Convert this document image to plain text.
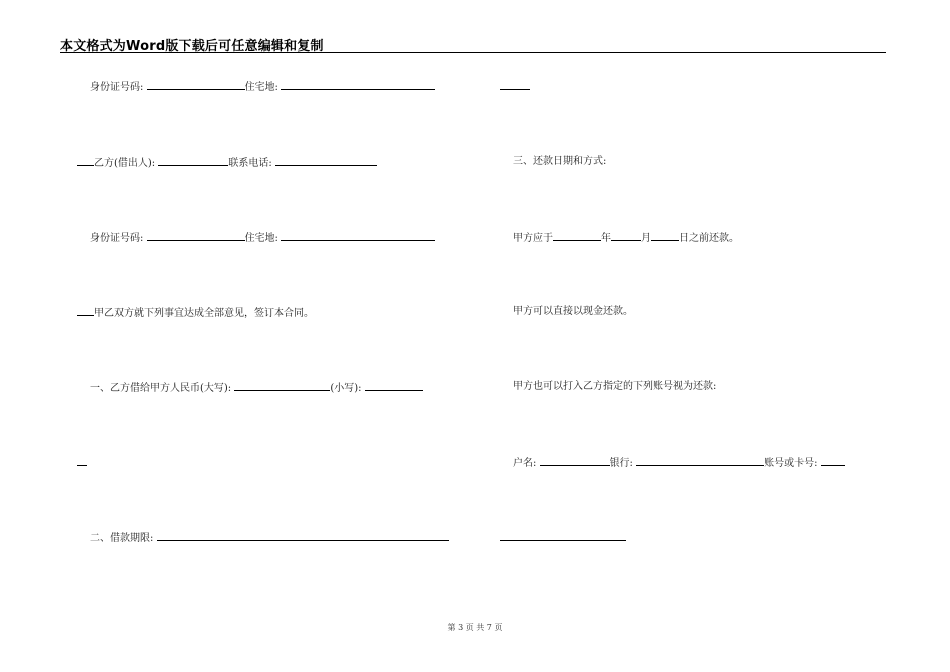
本文格式为Word版下载后可任意编辑和复制
身份证号码:	住宅地:
乙方(借出人):	联系电话:
身份证号码:	住宅地:
甲乙双方就下列事宜达成全部意见，签订本合同。
一、乙方借给甲方人民币(大写):	(小写):
二、借款期限:
三、还款日期和方式:
甲方应于	年	月	日之前还款。
甲方可以直接以现金还款。
甲方也可以打入乙方指定的下列账号视为还款:
户名:	银行:	账号或卡号:
第 3 页 共 7 页
